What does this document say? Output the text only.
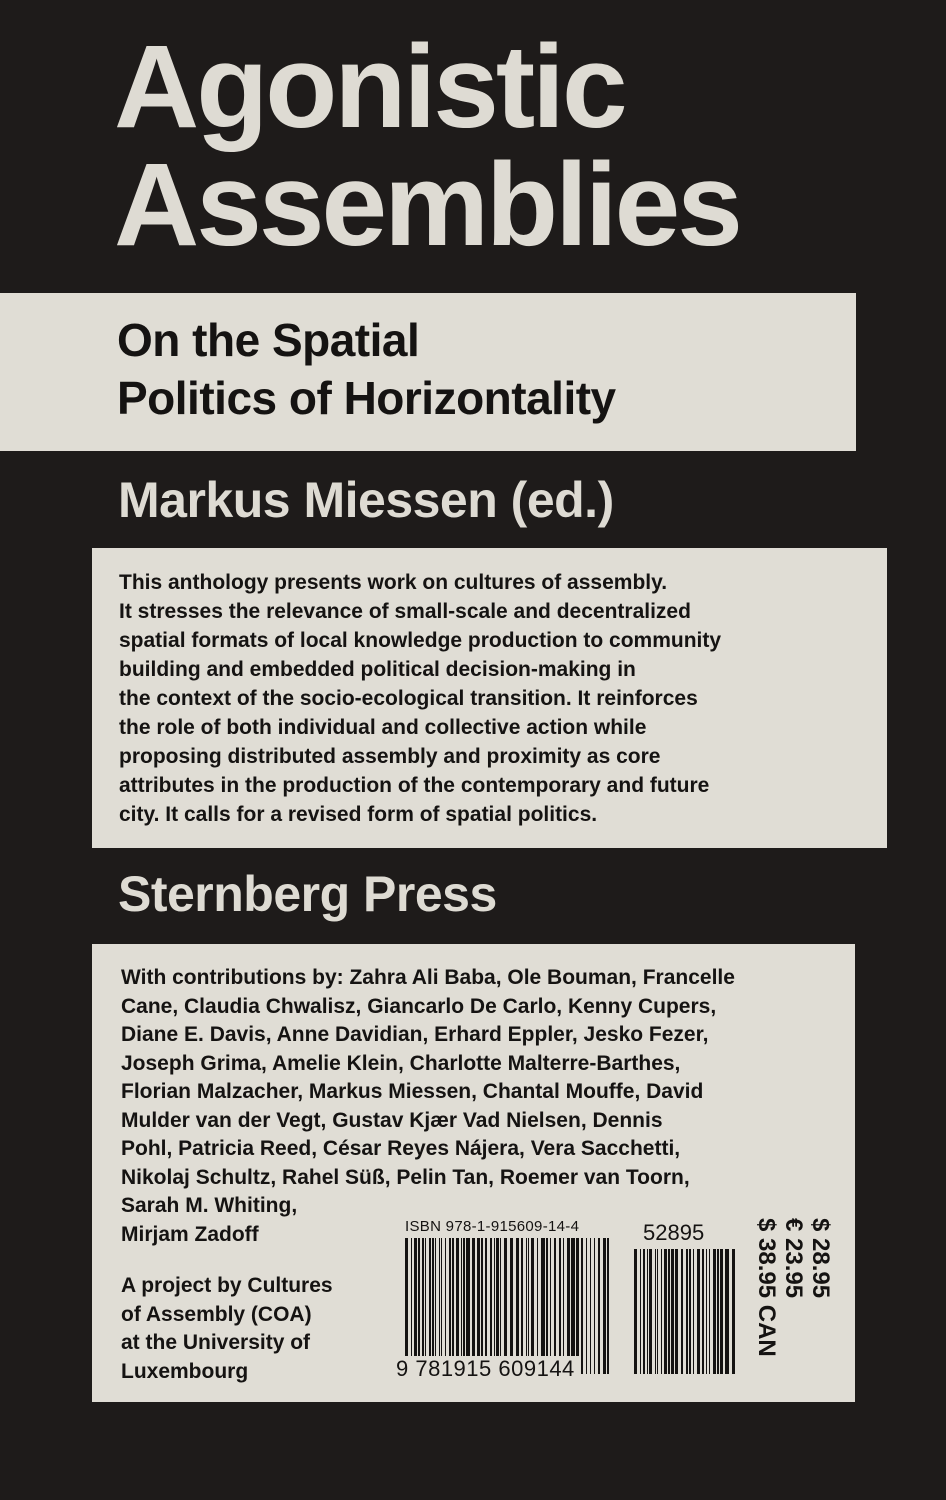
Agonistic
Assemblies
On the Spatial
Politics of Horizontality
Markus Miessen (ed.)
This anthology presents work on cultures of assembly.
It stresses the relevance of small-scale and decentralized
spatial formats of local knowledge production to community
building and embedded political decision-making in
the context of the socio-ecological transition. It reinforces
the role of both individual and collective action while
proposing distributed assembly and proximity as core
attributes in the production of the contemporary and future
city. It calls for a revised form of spatial politics.
Sternberg Press
With contributions by: Zahra Ali Baba, Ole Bouman, Francelle
Cane, Claudia Chwalisz, Giancarlo De Carlo, Kenny Cupers,
Diane E. Davis, Anne Davidian, Erhard Eppler, Jesko Fezer,
Joseph Grima, Amelie Klein, Charlotte Malterre-Barthes,
Florian Malzacher, Markus Miessen, Chantal Mouffe, David
Mulder van der Vegt, Gustav Kjær Vad Nielsen, Dennis
Pohl, Patricia Reed, César Reyes Nájera, Vera Sacchetti,
Nikolaj Schultz, Rahel Süß, Pelin Tan, Roemer van Toorn,
Sarah M. Whiting,
Mirjam Zadoff
A project by Cultures
of Assembly (COA)
at the University of
Luxembourg
ISBN 978-1-915609-14-4
9 781915 609144
52895	$ 28.95
€ 23.95
$ 38.95 CAN
